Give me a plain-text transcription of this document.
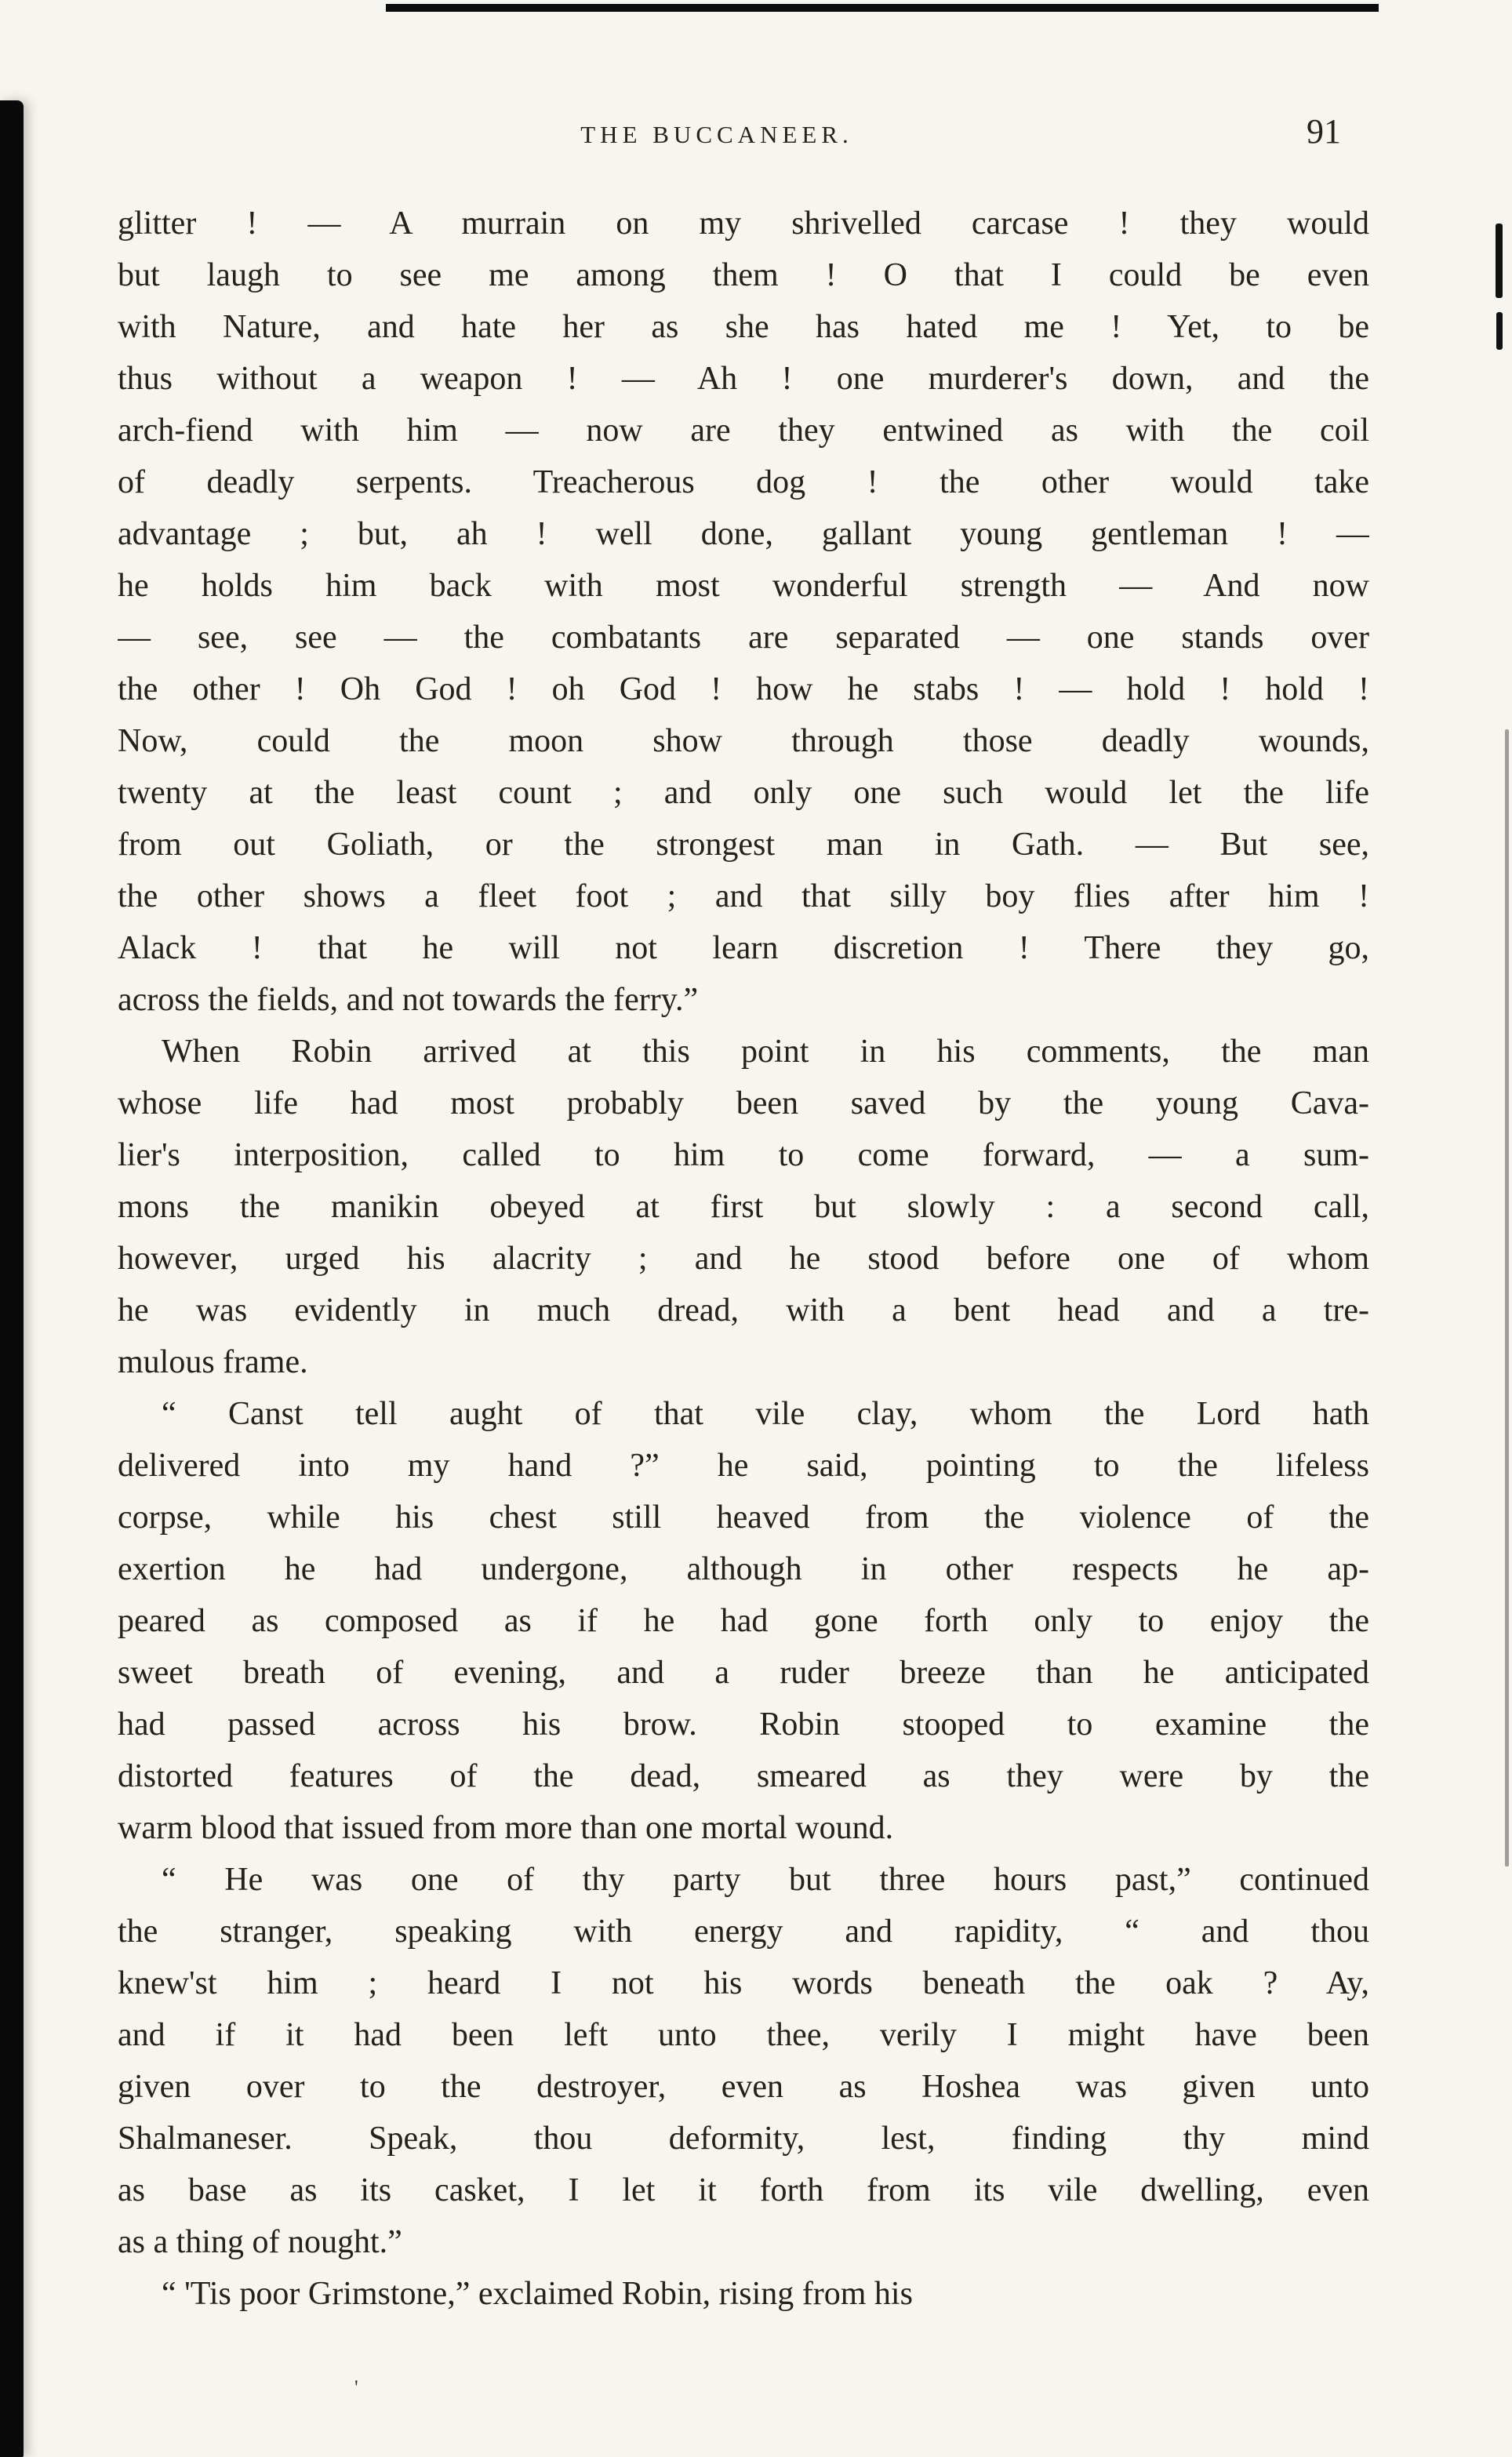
THE BUCCANEER.	91
glitter ! — A murrain on my shrivelled carcase ! they would
but laugh to see me among them ! O that I could be even
with Nature, and hate her as she has hated me ! Yet, to be
thus without a weapon ! — Ah ! one murderer's down, and the
arch-fiend with him — now are they entwined as with the coil
of deadly serpents. Treacherous dog ! the other would take
advantage ; but, ah ! well done, gallant young gentleman ! —
he holds him back with most wonderful strength — And now
— see, see — the combatants are separated — one stands over
the other ! Oh God ! oh God ! how he stabs ! — hold ! hold !
Now, could the moon show through those deadly wounds,
twenty at the least count ; and only one such would let the life
from out Goliath, or the strongest man in Gath. — But see,
the other shows a fleet foot ; and that silly boy flies after him !
Alack ! that he will not learn discretion ! There they go,
across the fields, and not towards the ferry.”
When Robin arrived at this point in his comments, the man
whose life had most probably been saved by the young Cava-
lier's interposition, called to him to come forward, — a sum-
mons the manikin obeyed at first but slowly : a second call,
however, urged his alacrity ; and he stood before one of whom
he was evidently in much dread, with a bent head and a tre-
mulous frame.
“ Canst tell aught of that vile clay, whom the Lord hath
delivered into my hand ?” he said, pointing to the lifeless
corpse, while his chest still heaved from the violence of the
exertion he had undergone, although in other respects he ap-
peared as composed as if he had gone forth only to enjoy the
sweet breath of evening, and a ruder breeze than he anticipated
had passed across his brow. Robin stooped to examine the
distorted features of the dead, smeared as they were by the
warm blood that issued from more than one mortal wound.
“ He was one of thy party but three hours past,” continued
the stranger, speaking with energy and rapidity, “ and thou
knew'st him ; heard I not his words beneath the oak ? Ay,
and if it had been left unto thee, verily I might have been
given over to the destroyer, even as Hoshea was given unto
Shalmaneser. Speak, thou deformity, lest, finding thy mind
as base as its casket, I let it forth from its vile dwelling, even
as a thing of nought.”
“ 'Tis poor Grimstone,” exclaimed Robin, rising from his
'
